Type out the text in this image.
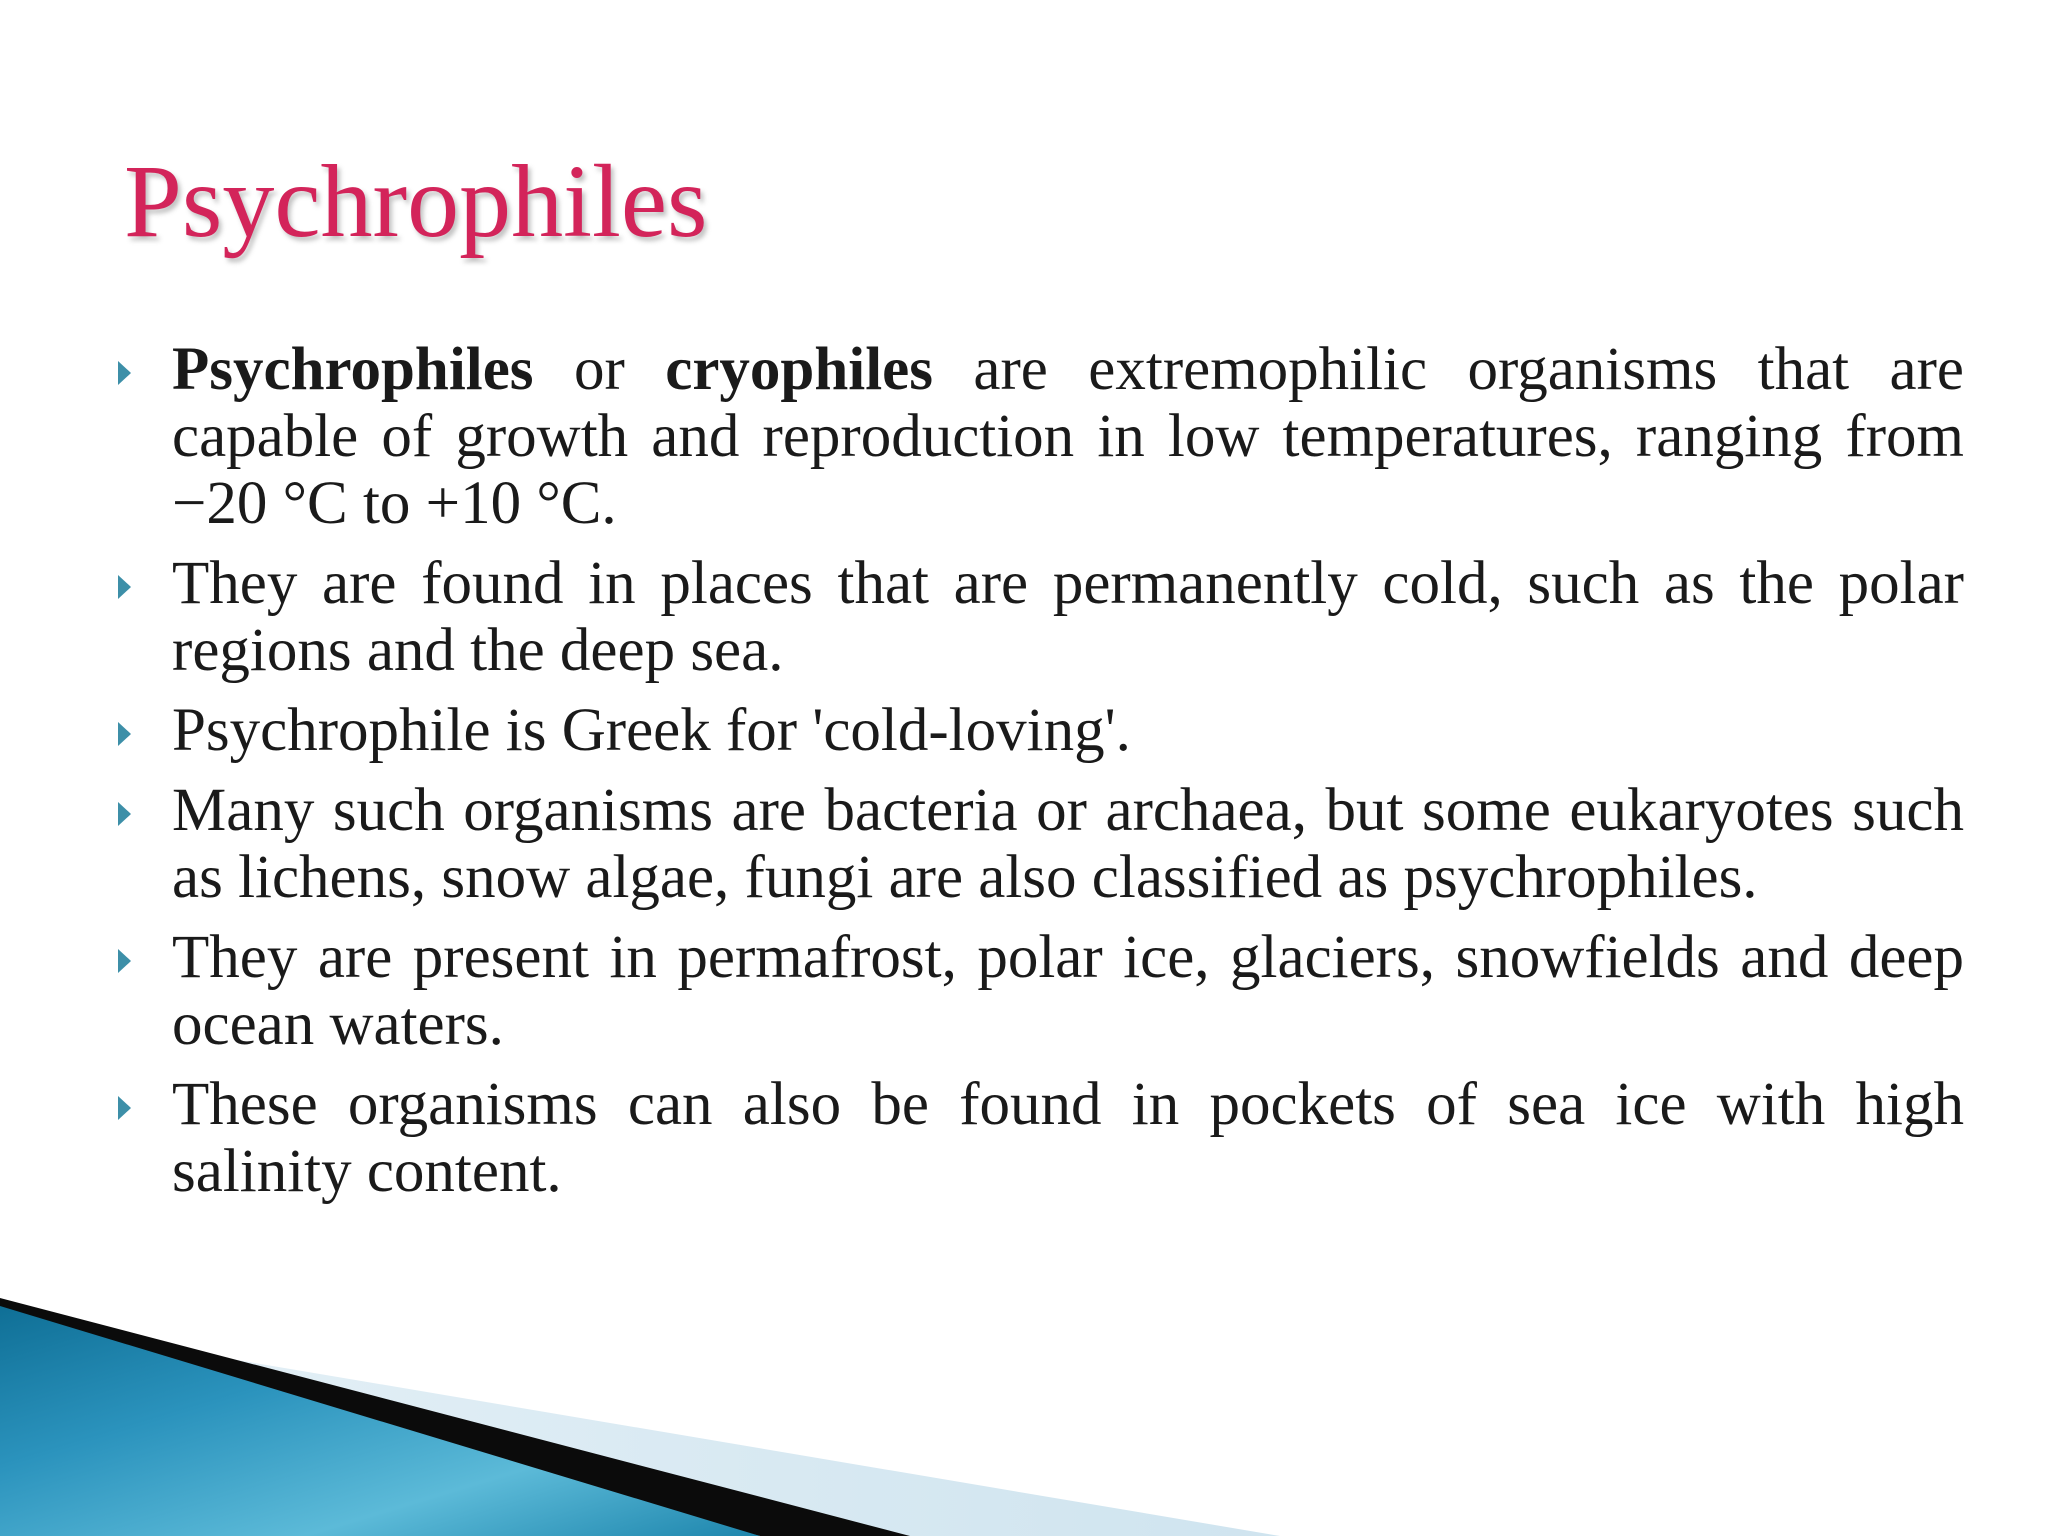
Psychrophiles
Psychrophiles or cryophiles are extremophilic organisms that are capable of growth and reproduction in low temperatures, ranging from −20 °C to +10 °C.
They are found in places that are permanently cold, such as the polar regions and the deep sea.
Psychrophile is Greek for 'cold-loving'.
Many such organisms are bacteria or archaea, but some eukaryotes such as lichens, snow algae, fungi are also classified as psychrophiles.
They are present in permafrost, polar ice, glaciers, snowfields and deep ocean waters.
These organisms can also be found in pockets of sea ice with high salinity content.
